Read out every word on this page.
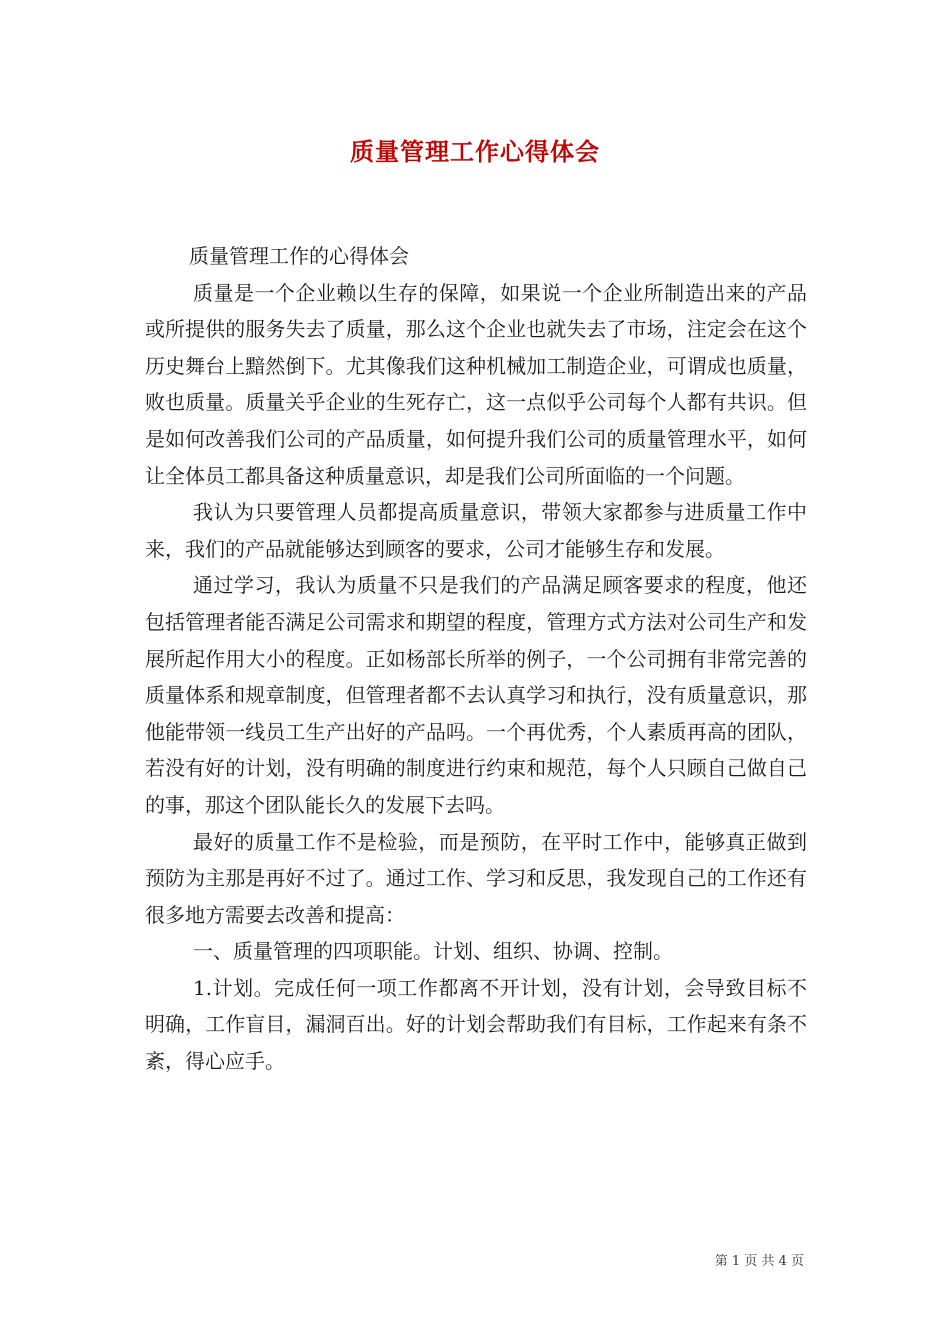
质量管理工作心得体会

质量管理工作的心得体会

质量是一个企业赖以生存的保障，如果说一个企业所制造出来的产品或所提供的服务失去了质量，那么这个企业也就失去了市场，注定会在这个历史舞台上黯然倒下。尤其像我们这种机械加工制造企业，可谓成也质量，败也质量。质量关乎企业的生死存亡，这一点似乎公司每个人都有共识。但是如何改善我们公司的产品质量，如何提升我们公司的质量管理水平，如何让全体员工都具备这种质量意识，却是我们公司所面临的一个问题。

我认为只要管理人员都提高质量意识，带领大家都参与进质量工作中来，我们的产品就能够达到顾客的要求，公司才能够生存和发展。

通过学习，我认为质量不只是我们的产品满足顾客要求的程度，他还包括管理者能否满足公司需求和期望的程度，管理方式方法对公司生产和发展所起作用大小的程度。正如杨部长所举的例子，一个公司拥有非常完善的质量体系和规章制度，但管理者都不去认真学习和执行，没有质量意识，那他能带领一线员工生产出好的产品吗。一个再优秀，个人素质再高的团队，若没有好的计划，没有明确的制度进行约束和规范，每个人只顾自己做自己的事，那这个团队能长久的发展下去吗。

最好的质量工作不是检验，而是预防，在平时工作中，能够真正做到预防为主那是再好不过了。通过工作、学习和反思，我发现自己的工作还有很多地方需要去改善和提高：

一、质量管理的四项职能。计划、组织、协调、控制。

1.计划。完成任何一项工作都离不开计划，没有计划，会导致目标不明确，工作盲目，漏洞百出。好的计划会帮助我们有目标，工作起来有条不紊，得心应手。

第 1 页 共 4 页
